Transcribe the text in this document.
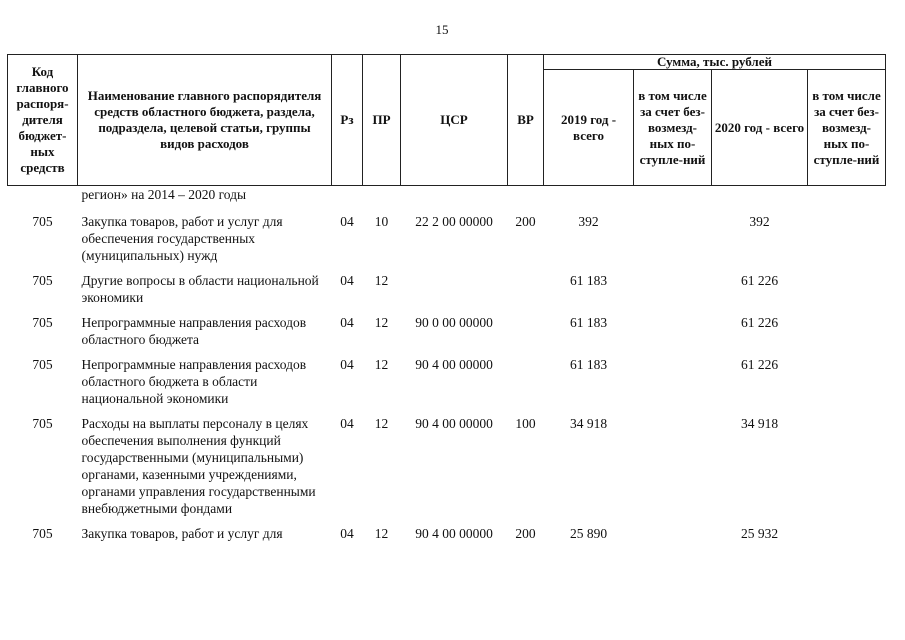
15
Код главного распоря-дителя бюджет-ных средств	Наименование главного распорядителя средств областного бюджета, раздела, подраздела, целевой статьи, группы видов расходов	Рз	ПР	ЦСР	ВР	Сумма, тыс. рублей			
						2019 год - всего	в том числе за счет без-возмезд-ных по-ступле-ний	2020 год - всего	в том числе за счет без-возмезд-ных по-ступле-ний
	регион» на 2014 – 2020 годы								
705	Закупка товаров, работ и услуг для обеспечения государственных (муниципальных) нужд	04	10	22 2 00 00000	200	392		392	
705	Другие вопросы в области национальной экономики	04	12			61 183		61 226	
705	Непрограммные направления расходов областного бюджета	04	12	90 0 00 00000		61 183		61 226	
705	Непрограммные направления расходов областного бюджета в области национальной экономики	04	12	90 4 00 00000		61 183		61 226	
705	Расходы на выплаты персоналу в целях обеспечения выполнения функций государственными (муниципальными) органами, казенными учреждениями, органами управления государственными внебюджетными фондами	04	12	90 4 00 00000	100	34 918		34 918	
705	Закупка товаров, работ и услуг для	04	12	90 4 00 00000	200	25 890		25 932	
